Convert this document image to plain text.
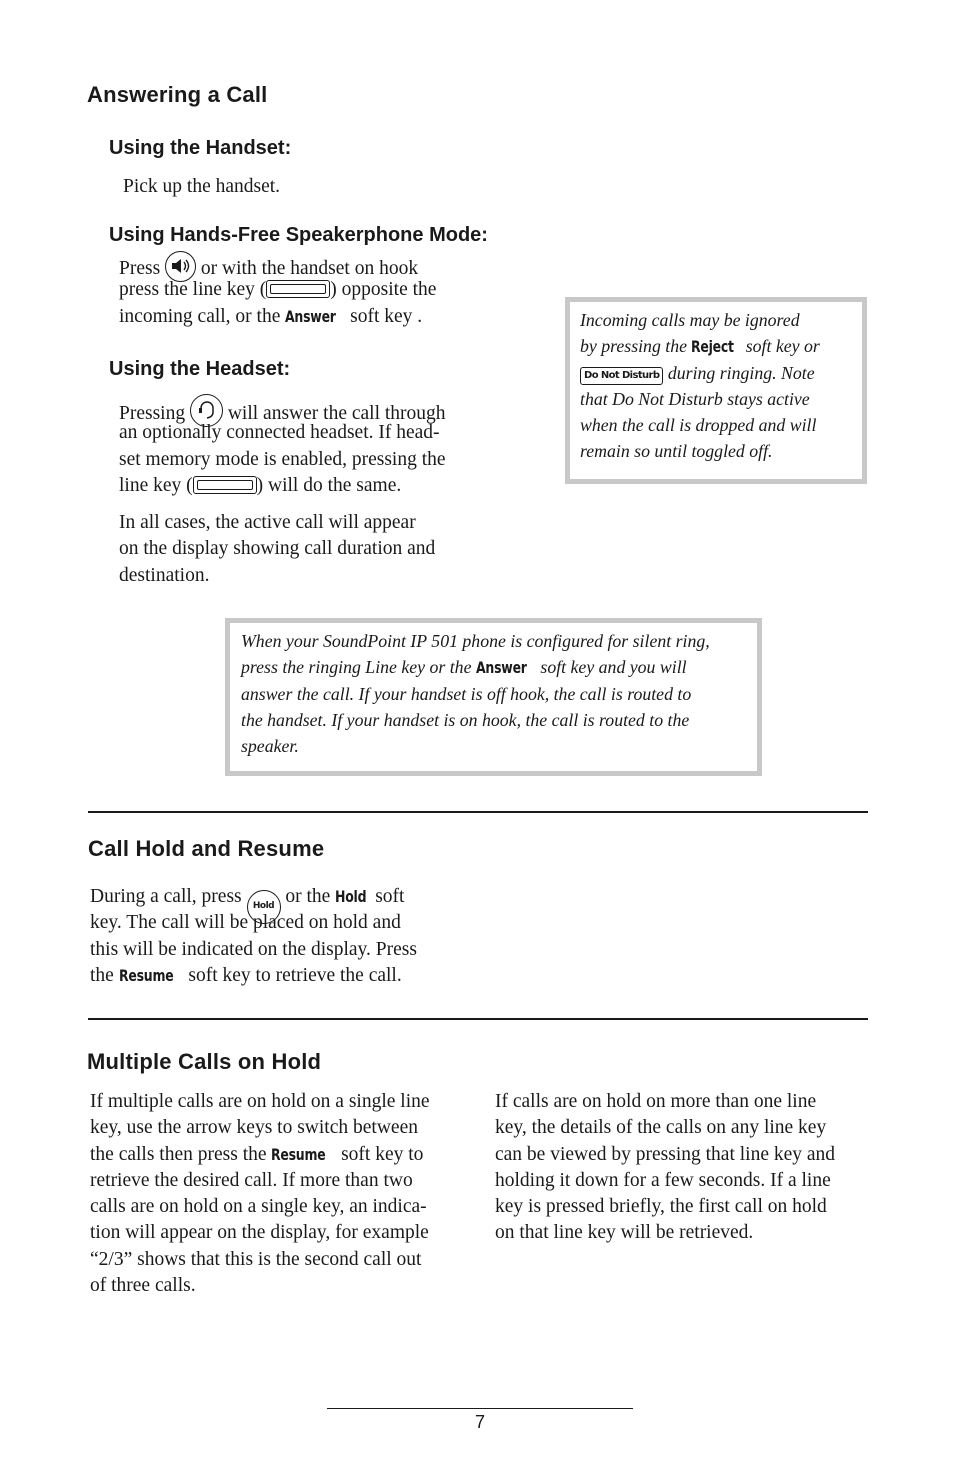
Answering a Call
Using the Handset:
Pick up the handset.
Using Hands-Free Speakerphone Mode:
Press
or with the handset on hook
press the line key (	) opposite the
incoming call, or the Answer soft key .
Using the Headset:
Pressing
will answer the call through
an optionally connected headset. If head-
set memory mode is enabled, pressing the
line key (	) will do the same.
In all cases, the active call will appear
on the display showing call duration and
destination.
Incoming calls may be ignored
by pressing the Reject soft key or
Do Not Disturb during ringing. Note
that Do Not Disturb stays active
when the call is dropped and will
remain so until toggled off.
When your SoundPoint IP 501 phone is configured for silent ring,
press the ringing Line key or the Answer soft key and you will
answer the call. If your handset is off hook, the call is routed to
the handset. If your handset is on hook, the call is routed to the
speaker.
Call Hold and Resume
During a call, press Hold or the Hold soft
key. The call will be placed on hold and
this will be indicated on the display. Press
the Resume soft key to retrieve the call.
Multiple Calls on Hold
If multiple calls are on hold on a single line
key, use the arrow keys to switch between
the calls then press the Resume soft key to
retrieve the desired call. If more than two
calls are on hold on a single key, an indica-
tion will appear on the display, for example
“2/3” shows that this is the second call out
of three calls.
If calls are on hold on more than one line
key, the details of the calls on any line key
can be viewed by pressing that line key and
holding it down for a few seconds. If a line
key is pressed briefly, the first call on hold
on that line key will be retrieved.
7
